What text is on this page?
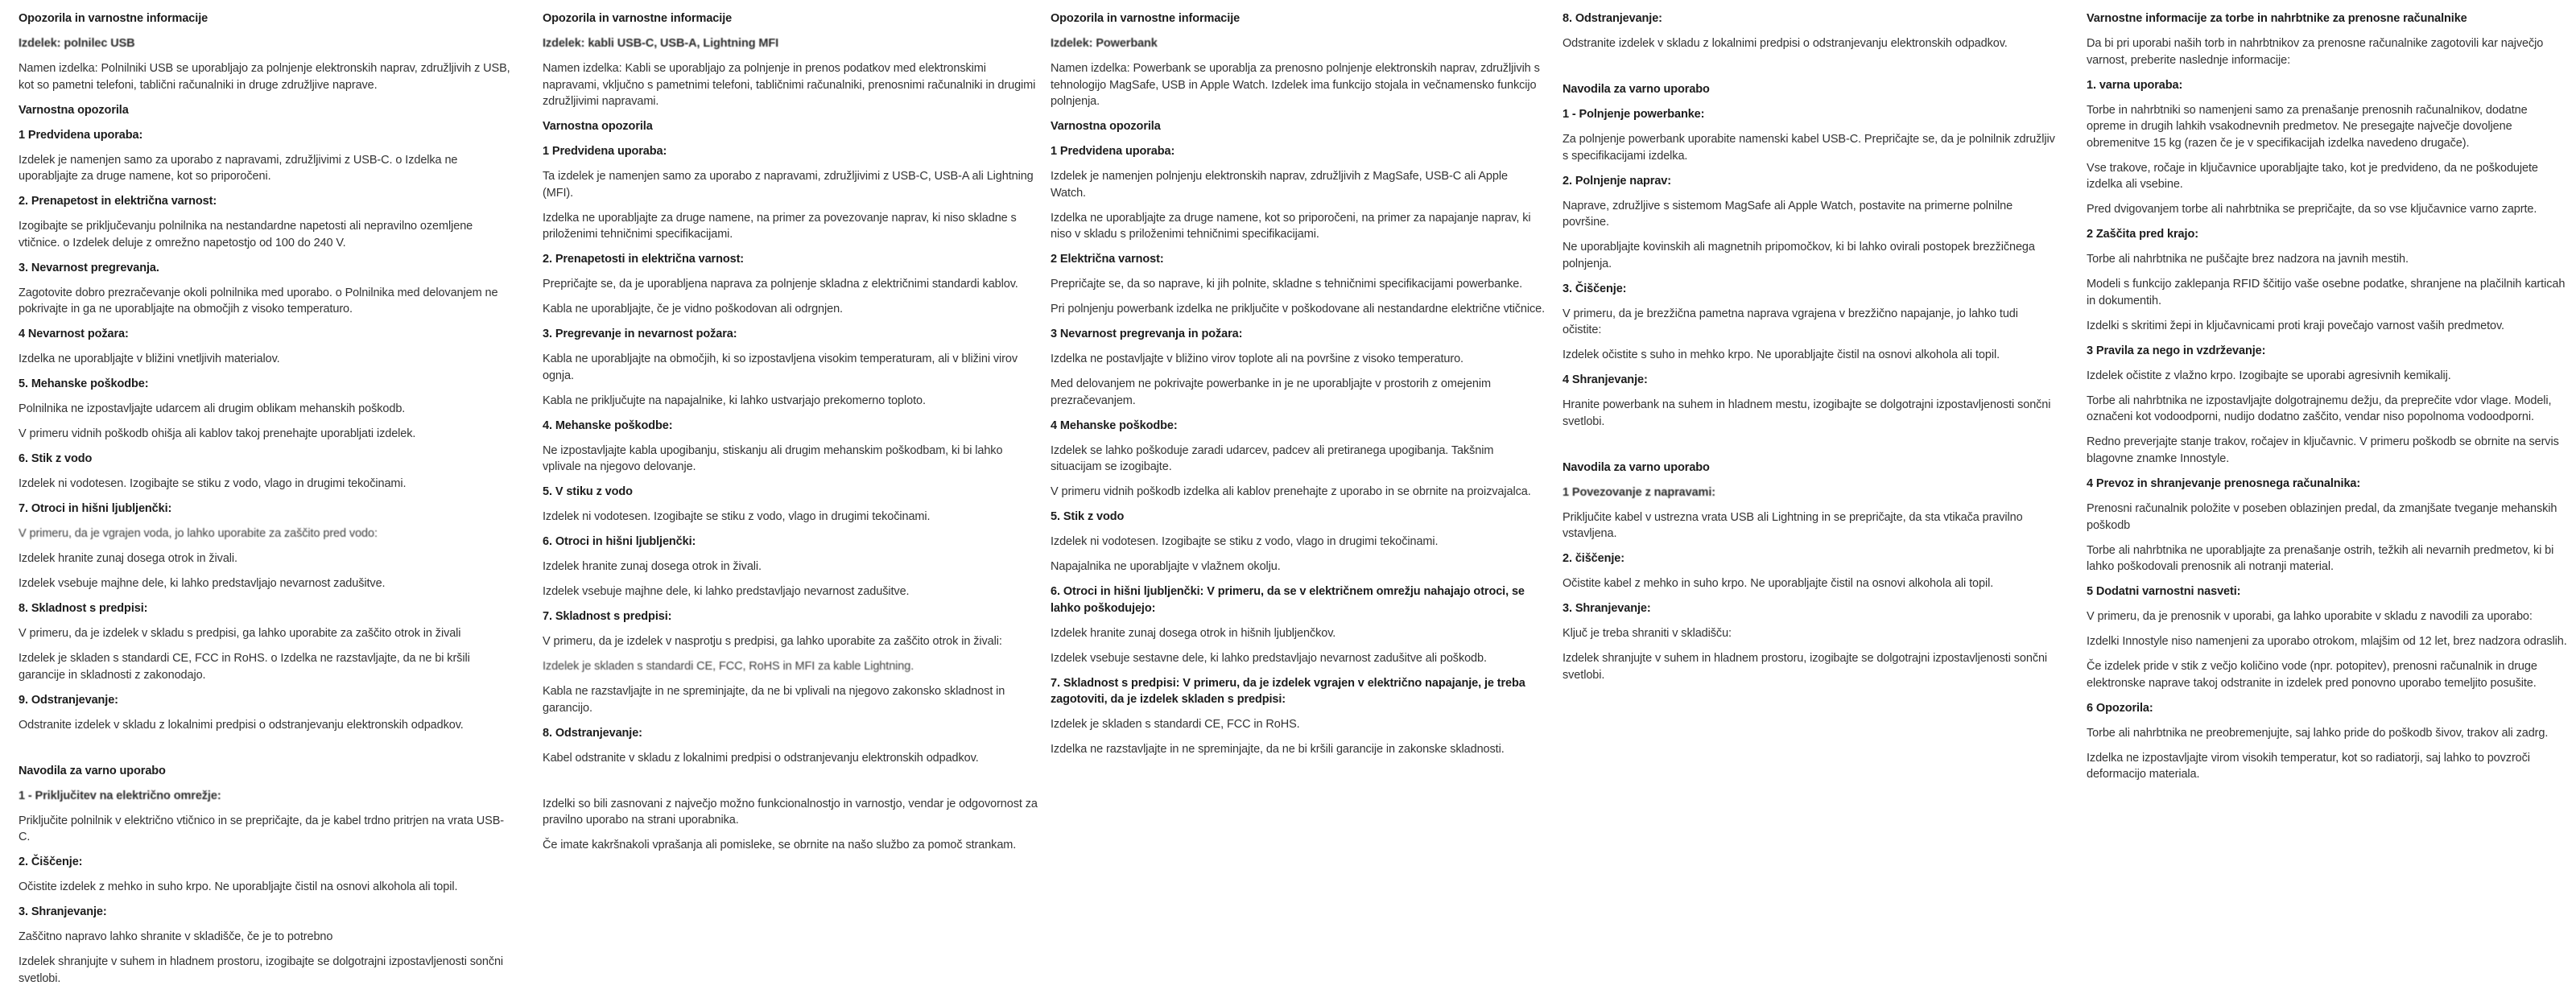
Opozorila in varnostne informacije
Izdelek: polnilec USB
Namen izdelka: Polnilniki USB se uporabljajo za polnjenje elektronskih naprav, združljivih z USB, kot so pametni telefoni, tablični računalniki in druge združljive naprave.
Varnostna opozorila
1 Predvidena uporaba:
Izdelek je namenjen samo za uporabo z napravami, združljivimi z USB-C. o Izdelka ne uporabljajte za druge namene, kot so priporočeni.
2. Prenapetost in električna varnost:
Izogibajte se priključevanju polnilnika na nestandardne napetosti ali nepravilno ozemljene vtičnice. o Izdelek deluje z omrežno napetostjo od 100 do 240 V.
3. Nevarnost pregrevanja.
Zagotovite dobro prezračevanje okoli polnilnika med uporabo. o Polnilnika med delovanjem ne pokrivajte in ga ne uporabljajte na območjih z visoko temperaturo.
4 Nevarnost požara:
Izdelka ne uporabljajte v bližini vnetljivih materialov.
5. Mehanske poškodbe:
Polnilnika ne izpostavljajte udarcem ali drugim oblikam mehanskih poškodb.
V primeru vidnih poškodb ohišja ali kablov takoj prenehajte uporabljati izdelek.
6. Stik z vodo
Izdelek ni vodotesen. Izogibajte se stiku z vodo, vlago in drugimi tekočinami.
7. Otroci in hišni ljubljenčki:
V primeru, da je vgrajen voda, jo lahko uporabite za zaščito pred vodo:
Izdelek hranite zunaj dosega otrok in živali.
Izdelek vsebuje majhne dele, ki lahko predstavljajo nevarnost zadušitve.
8. Skladnost s predpisi:
V primeru, da je izdelek v skladu s predpisi, ga lahko uporabite za zaščito otrok in živali
Izdelek je skladen s standardi CE, FCC in RoHS. o Izdelka ne razstavljajte, da ne bi kršili garancije in skladnosti z zakonodajo.
9. Odstranjevanje:
Odstranite izdelek v skladu z lokalnimi predpisi o odstranjevanju elektronskih odpadkov.
Navodila za varno uporabo
1 - Priključitev na električno omrežje:
Priključite polnilnik v električno vtičnico in se prepričajte, da je kabel trdno pritrjen na vrata USB-C.
2. Čiščenje:
Očistite izdelek z mehko in suho krpo. Ne uporabljajte čistil na osnovi alkohola ali topil.
3. Shranjevanje:
Zaščitno napravo lahko shranite v skladišče, če je to potrebno
Izdelek shranjujte v suhem in hladnem prostoru, izogibajte se dolgotrajni izpostavljenosti sončni svetlobi.
Opozorila in varnostne informacije
Izdelek: kabli USB-C, USB-A, Lightning MFI
Namen izdelka: Kabli se uporabljajo za polnjenje in prenos podatkov med elektronskimi napravami, vključno s pametnimi telefoni, tabličnimi računalniki, prenosnimi računalniki in drugimi združljivimi napravami.
Varnostna opozorila
1 Predvidena uporaba:
Ta izdelek je namenjen samo za uporabo z napravami, združljivimi z USB-C, USB-A ali Lightning (MFI).
Izdelka ne uporabljajte za druge namene, na primer za povezovanje naprav, ki niso skladne s priloženimi tehničnimi specifikacijami.
2. Prenapetosti in električna varnost:
Prepričajte se, da je uporabljena naprava za polnjenje skladna z električnimi standardi kablov.
Kabla ne uporabljajte, če je vidno poškodovan ali odrgnjen.
3. Pregrevanje in nevarnost požara:
Kabla ne uporabljajte na območjih, ki so izpostavljena visokim temperaturam, ali v bližini virov ognja.
Kabla ne priključujte na napajalnike, ki lahko ustvarjajo prekomerno toploto.
4. Mehanske poškodbe:
Ne izpostavljajte kabla upogibanju, stiskanju ali drugim mehanskim poškodbam, ki bi lahko vplivale na njegovo delovanje.
5. V stiku z vodo
Izdelek ni vodotesen. Izogibajte se stiku z vodo, vlago in drugimi tekočinami.
6. Otroci in hišni ljubljenčki:
Izdelek hranite zunaj dosega otrok in živali.
Izdelek vsebuje majhne dele, ki lahko predstavljajo nevarnost zadušitve.
7. Skladnost s predpisi:
V primeru, da je izdelek v nasprotju s predpisi, ga lahko uporabite za zaščito otrok in živali:
Izdelek je skladen s standardi CE, FCC, RoHS in MFI za kable Lightning.
Kabla ne razstavljajte in ne spreminjajte, da ne bi vplivali na njegovo zakonsko skladnost in garancijo.
8. Odstranjevanje:
Kabel odstranite v skladu z lokalnimi predpisi o odstranjevanju elektronskih odpadkov.
Izdelki so bili zasnovani z največjo možno funkcionalnostjo in varnostjo, vendar je odgovornost za pravilno uporabo na strani uporabnika.
Če imate kakršnakoli vprašanja ali pomisleke, se obrnite na našo službo za pomoč strankam.
Opozorila in varnostne informacije
Izdelek: Powerbank
Namen izdelka: Powerbank se uporablja za prenosno polnjenje elektronskih naprav, združljivih s tehnologijo MagSafe, USB in Apple Watch. Izdelek ima funkcijo stojala in večnamensko funkcijo polnjenja.
Varnostna opozorila
1 Predvidena uporaba:
Izdelek je namenjen polnjenju elektronskih naprav, združljivih z MagSafe, USB-C ali Apple Watch.
Izdelka ne uporabljajte za druge namene, kot so priporočeni, na primer za napajanje naprav, ki niso v skladu s priloženimi tehničnimi specifikacijami.
2 Električna varnost:
Prepričajte se, da so naprave, ki jih polnite, skladne s tehničnimi specifikacijami powerbanke.
Pri polnjenju powerbank izdelka ne priključite v poškodovane ali nestandardne električne vtičnice.
3 Nevarnost pregrevanja in požara:
Izdelka ne postavljajte v bližino virov toplote ali na površine z visoko temperaturo.
Med delovanjem ne pokrivajte powerbanke in je ne uporabljajte v prostorih z omejenim prezračevanjem.
4 Mehanske poškodbe:
Izdelek se lahko poškoduje zaradi udarcev, padcev ali pretiranega upogibanja. Takšnim situacijam se izogibajte.
V primeru vidnih poškodb izdelka ali kablov prenehajte z uporabo in se obrnite na proizvajalca.
5. Stik z vodo
Izdelek ni vodotesen. Izogibajte se stiku z vodo, vlago in drugimi tekočinami.
Napajalnika ne uporabljajte v vlažnem okolju.
6. Otroci in hišni ljubljenčki: V primeru, da se v električnem omrežju nahajajo otroci, se lahko poškodujejo:
Izdelek hranite zunaj dosega otrok in hišnih ljubljenčkov.
Izdelek vsebuje sestavne dele, ki lahko predstavljajo nevarnost zadušitve ali poškodb.
7. Skladnost s predpisi: V primeru, da je izdelek vgrajen v električno napajanje, je treba zagotoviti, da je izdelek skladen s predpisi:
Izdelek je skladen s standardi CE, FCC in RoHS.
Izdelka ne razstavljajte in ne spreminjajte, da ne bi kršili garancije in zakonske skladnosti.
8. Odstranjevanje:
Odstranite izdelek v skladu z lokalnimi predpisi o odstranjevanju elektronskih odpadkov.
Navodila za varno uporabo
1 - Polnjenje powerbanke:
Za polnjenje powerbank uporabite namenski kabel USB-C. Prepričajte se, da je polnilnik združljiv s specifikacijami izdelka.
2. Polnjenje naprav:
Naprave, združljive s sistemom MagSafe ali Apple Watch, postavite na primerne polnilne površine.
Ne uporabljajte kovinskih ali magnetnih pripomočkov, ki bi lahko ovirali postopek brezžičnega polnjenja.
3. Čiščenje:
V primeru, da je brezžična pametna naprava vgrajena v brezžično napajanje, jo lahko tudi očistite:
Izdelek očistite s suho in mehko krpo. Ne uporabljajte čistil na osnovi alkohola ali topil.
4 Shranjevanje:
Hranite powerbank na suhem in hladnem mestu, izogibajte se dolgotrajni izpostavljenosti sončni svetlobi.
Navodila za varno uporabo
1 Povezovanje z napravami:
Priključite kabel v ustrezna vrata USB ali Lightning in se prepričajte, da sta vtikača pravilno vstavljena.
2. čiščenje:
Očistite kabel z mehko in suho krpo. Ne uporabljajte čistil na osnovi alkohola ali topil.
3. Shranjevanje:
Ključ je treba shraniti v skladišču:
Izdelek shranjujte v suhem in hladnem prostoru, izogibajte se dolgotrajni izpostavljenosti sončni svetlobi.
Varnostne informacije za torbe in nahrbtnike za prenosne računalnike
Da bi pri uporabi naših torb in nahrbtnikov za prenosne računalnike zagotovili kar največjo varnost, preberite naslednje informacije:
1. varna uporaba:
Torbe in nahrbtniki so namenjeni samo za prenašanje prenosnih računalnikov, dodatne opreme in drugih lahkih vsakodnevnih predmetov. Ne presegajte največje dovoljene obremenitve 15 kg (razen če je v specifikacijah izdelka navedeno drugače).
Vse trakove, ročaje in ključavnice uporabljajte tako, kot je predvideno, da ne poškodujete izdelka ali vsebine.
Pred dvigovanjem torbe ali nahrbtnika se prepričajte, da so vse ključavnice varno zaprte.
2 Zaščita pred krajo:
Torbe ali nahrbtnika ne puščajte brez nadzora na javnih mestih.
Modeli s funkcijo zaklepanja RFID ščitijo vaše osebne podatke, shranjene na plačilnih karticah in dokumentih.
Izdelki s skritimi žepi in ključavnicami proti kraji povečajo varnost vaših predmetov.
3 Pravila za nego in vzdrževanje:
Izdelek očistite z vlažno krpo. Izogibajte se uporabi agresivnih kemikalij.
Torbe ali nahrbtnika ne izpostavljajte dolgotrajnemu dežju, da preprečite vdor vlage. Modeli, označeni kot vodoodporni, nudijo dodatno zaščito, vendar niso popolnoma vodoodporni.
Redno preverjajte stanje trakov, ročajev in ključavnic. V primeru poškodb se obrnite na servis blagovne znamke Innostyle.
4 Prevoz in shranjevanje prenosnega računalnika:
Prenosni računalnik položite v poseben oblazinjen predal, da zmanjšate tveganje mehanskih poškodb
Torbe ali nahrbtnika ne uporabljajte za prenašanje ostrih, težkih ali nevarnih predmetov, ki bi lahko poškodovali prenosnik ali notranji material.
5 Dodatni varnostni nasveti:
V primeru, da je prenosnik v uporabi, ga lahko uporabite v skladu z navodili za uporabo:
Izdelki Innostyle niso namenjeni za uporabo otrokom, mlajšim od 12 let, brez nadzora odraslih.
Če izdelek pride v stik z večjo količino vode (npr. potopitev), prenosni računalnik in druge elektronske naprave takoj odstranite in izdelek pred ponovno uporabo temeljito posušite.
6 Opozorila:
Torbe ali nahrbtnika ne preobremenjujte, saj lahko pride do poškodb šivov, trakov ali zadrg.
Izdelka ne izpostavljajte virom visokih temperatur, kot so radiatorji, saj lahko to povzroči deformacijo materiala.
